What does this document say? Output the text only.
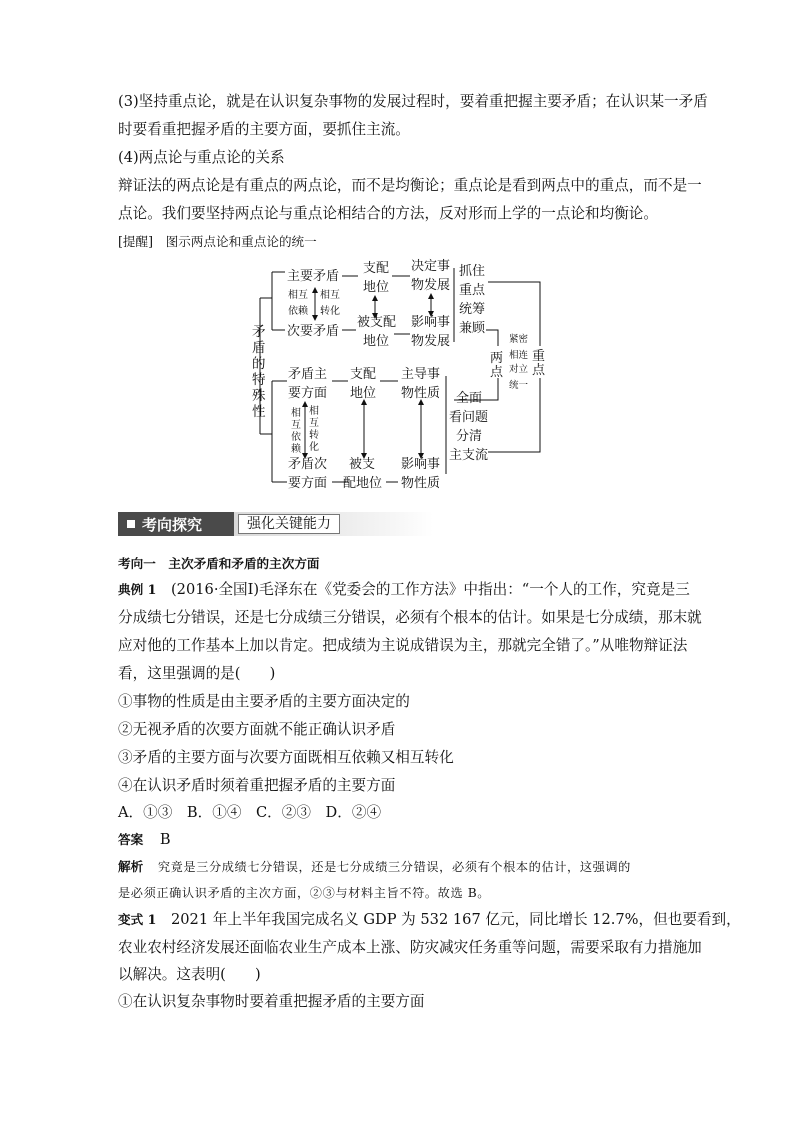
(3)坚持重点论，就是在认识复杂事物的发展过程时，要着重把握主要矛盾；在认识某一矛盾
时要看重把握矛盾的主要方面，要抓住主流。
(4)两点论与重点论的关系
辩证法的两点论是有重点的两点论，而不是均衡论；重点论是看到两点中的重点，而不是一
点论。我们要坚持两点论与重点论相结合的方法，反对形而上学的一点论和均衡论。
[提醒]　图示两点论和重点论的统一
矛
盾
的
特
殊
性
主要矛盾
次要矛盾
相互
依赖
相互
转化
支配
地位
被支配
地位
决定事
物发展
影响事
物发展
抓住
重点
统筹
兼顾
两
点
重
点
紧密
相连
对立
统一
矛盾主
要方面
矛盾次
要方面
相
互
依
赖
相
互
转
化
支配
地位
被支
配地位
主导事
物性质
影响事
物性质
全面
看问题
分清
主支流
考向探究	强化关键能力
考向一　主次矛盾和矛盾的主次方面
典例 1 (2016·全国Ⅰ)毛泽东在《党委会的工作方法》中指出：“一个人的工作，究竟是三
分成绩七分错误，还是七分成绩三分错误，必须有个根本的估计。如果是七分成绩，那末就
应对他的工作基本上加以肯定。把成绩为主说成错误为主，那就完全错了。”从唯物辩证法
看，这里强调的是(　　)
①事物的性质是由主要矛盾的主要方面决定的
②无视矛盾的次要方面就不能正确认识矛盾
③矛盾的主要方面与次要方面既相互依赖又相互转化
④在认识矛盾时须着重把握矛盾的主要方面
A．①③　B．①④　C．②③　D．②④
答案 B
解析 究竟是三分成绩七分错误，还是七分成绩三分错误，必须有个根本的估计，这强调的
是必须正确认识矛盾的主次方面，②③与材料主旨不符。故选 B。
变式 1 2021 年上半年我国完成名义 GDP 为 532 167 亿元，同比增长 12.7%，但也要看到，
农业农村经济发展还面临农业生产成本上涨、防灾减灾任务重等问题，需要采取有力措施加
以解决。这表明(　　)
①在认识复杂事物时要着重把握矛盾的主要方面
